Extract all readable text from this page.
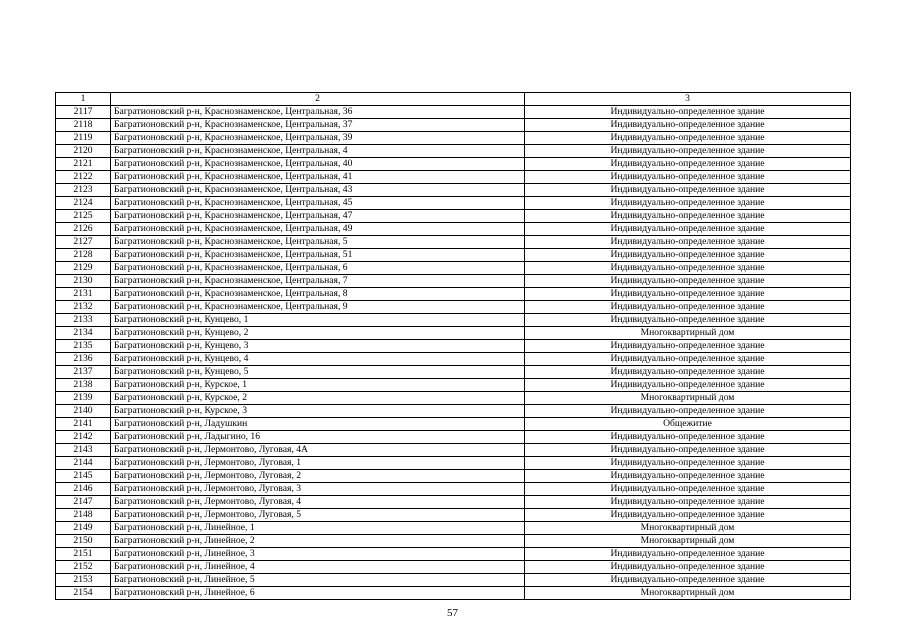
1	2	3
2117	Багратионовский р-н, Краснознаменское, Центральная, 36	Индивидуально-определенное здание
2118	Багратионовский р-н, Краснознаменское, Центральная, 37	Индивидуально-определенное здание
2119	Багратионовский р-н, Краснознаменское, Центральная, 39	Индивидуально-определенное здание
2120	Багратионовский р-н, Краснознаменское, Центральная, 4	Индивидуально-определенное здание
2121	Багратионовский р-н, Краснознаменское, Центральная, 40	Индивидуально-определенное здание
2122	Багратионовский р-н, Краснознаменское, Центральная, 41	Индивидуально-определенное здание
2123	Багратионовский р-н, Краснознаменское, Центральная, 43	Индивидуально-определенное здание
2124	Багратионовский р-н, Краснознаменское, Центральная, 45	Индивидуально-определенное здание
2125	Багратионовский р-н, Краснознаменское, Центральная, 47	Индивидуально-определенное здание
2126	Багратионовский р-н, Краснознаменское, Центральная, 49	Индивидуально-определенное здание
2127	Багратионовский р-н, Краснознаменское, Центральная, 5	Индивидуально-определенное здание
2128	Багратионовский р-н, Краснознаменское, Центральная, 51	Индивидуально-определенное здание
2129	Багратионовский р-н, Краснознаменское, Центральная, 6	Индивидуально-определенное здание
2130	Багратионовский р-н, Краснознаменское, Центральная, 7	Индивидуально-определенное здание
2131	Багратионовский р-н, Краснознаменское, Центральная, 8	Индивидуально-определенное здание
2132	Багратионовский р-н, Краснознаменское, Центральная, 9	Индивидуально-определенное здание
2133	Багратионовский р-н, Кунцево, 1	Индивидуально-определенное здание
2134	Багратионовский р-н, Кунцево, 2	Многоквартирный дом
2135	Багратионовский р-н, Кунцево, 3	Индивидуально-определенное здание
2136	Багратионовский р-н, Кунцево, 4	Индивидуально-определенное здание
2137	Багратионовский р-н, Кунцево, 5	Индивидуально-определенное здание
2138	Багратионовский р-н, Курское, 1	Индивидуально-определенное здание
2139	Багратионовский р-н, Курское, 2	Многоквартирный дом
2140	Багратионовский р-н, Курское, 3	Индивидуально-определенное здание
2141	Багратионовский р-н, Ладушкин	Общежитие
2142	Багратионовский р-н, Ладыгино, 16	Индивидуально-определенное здание
2143	Багратионовский р-н, Лермонтово, Луговая, 4А	Индивидуально-определенное здание
2144	Багратионовский р-н, Лермонтово, Луговая, 1	Индивидуально-определенное здание
2145	Багратионовский р-н, Лермонтово, Луговая, 2	Индивидуально-определенное здание
2146	Багратионовский р-н, Лермонтово, Луговая, 3	Индивидуально-определенное здание
2147	Багратионовский р-н, Лермонтово, Луговая, 4	Индивидуально-определенное здание
2148	Багратионовский р-н, Лермонтово, Луговая, 5	Индивидуально-определенное здание
2149	Багратионовский р-н, Линейное, 1	Многоквартирный дом
2150	Багратионовский р-н, Линейное, 2	Многоквартирный дом
2151	Багратионовский р-н, Линейное, 3	Индивидуально-определенное здание
2152	Багратионовский р-н, Линейное, 4	Индивидуально-определенное здание
2153	Багратионовский р-н, Линейное, 5	Индивидуально-определенное здание
2154	Багратионовский р-н, Линейное, 6	Многоквартирный дом
57
